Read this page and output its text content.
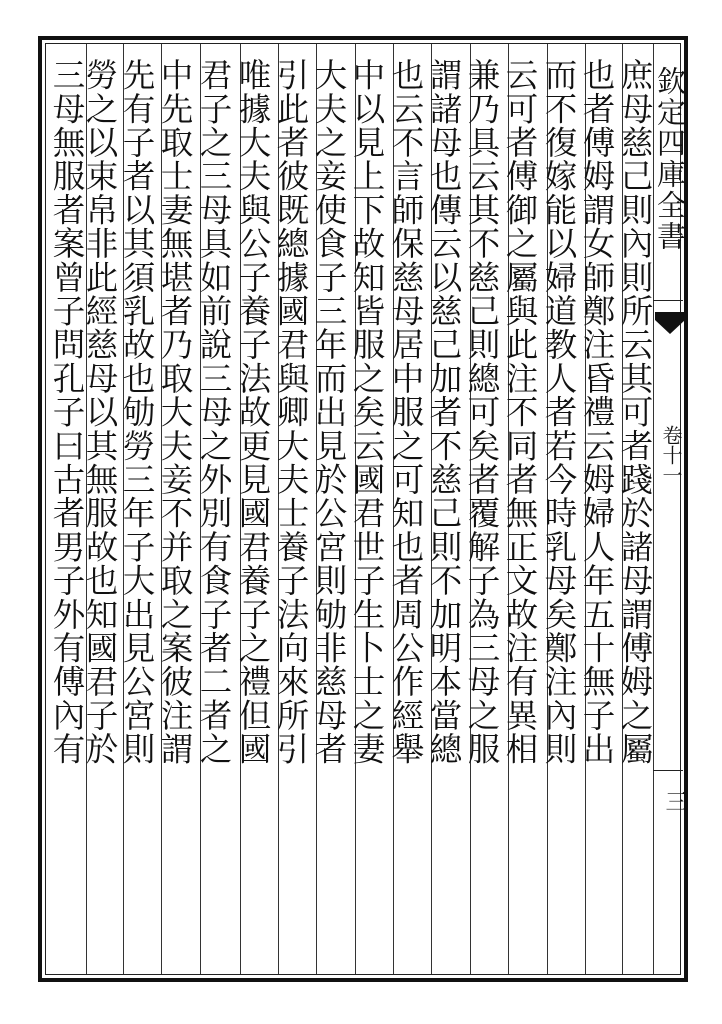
庶母慈己則內則所云其可者踐於諸母謂傅姆之屬
也者傅姆謂女師鄭注昏禮云姆婦人年五十無子出
而不復嫁能以婦道教人者若今時乳母矣鄭注內則
云可者傅御之屬與此注不同者無正文故注有異相
兼乃具云其不慈己則總可矣者覆解子為三母之服
謂諸母也傳云以慈己加者不慈己則不加明本當總
也云不言師保慈母居中服之可知也者周公作經舉
中以見上下故知皆服之矣云國君世子生卜士之妻
大夫之妾使食子三年而出見於公宮則劬非慈母者
引此者彼既總據國君與卿大夫士養子法向來所引
唯據大夫與公子養子法故更見國君養子之禮但國
君子之三母具如前說三母之外別有食子者二者之
中先取士妻無堪者乃取大夫妾不并取之案彼注謂
先有子者以其須乳故也劬勞三年子大出見公宮則
勞之以束帛非此經慈母以其無服故也知國君子於
三母無服者案曾子問孔子曰古者男子外有傅內有	欽定四庫全書
卷十一
三
